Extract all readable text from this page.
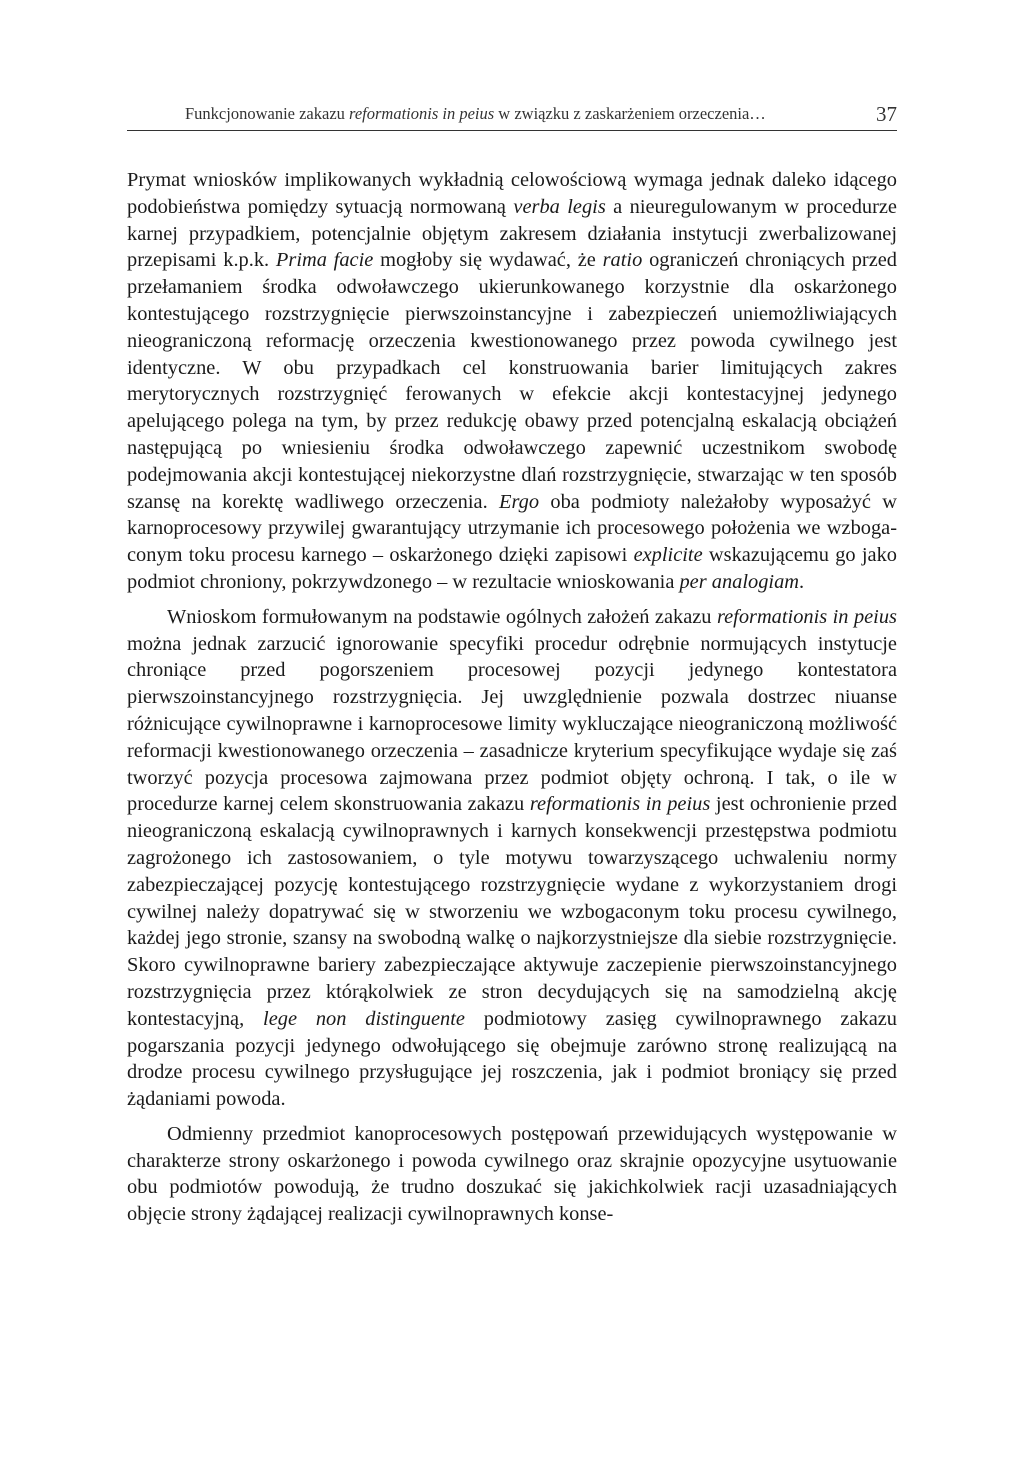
Funkcjonowanie zakazu reformationis in peius w związku z zaskarżeniem orzeczenia…	37

Prymat wniosków implikowanych wykładnią celowościową wymaga jednak daleko idącego podobieństwa pomiędzy sytuacją normowaną verba legis a nieuregulowanym w procedurze karnej przypadkiem, potencjalnie objętym zakresem działania instytucji zwerbalizowanej przepisami k.p.k. Prima facie mogłoby się wydawać, że ratio ograniczeń chroniących przed przełamaniem środka odwoławczego ukierunkowanego korzystnie dla oskarżonego kontestującego rozstrzygnięcie pierwszoinstancyjne i zabezpieczeń uniemożliwiających nieograniczoną reformację orzeczenia kwestionowanego przez powoda cywilnego jest identyczne. W obu przypadkach cel konstruowania barier limitujących zakres merytorycznych rozstrzygnięć ferowanych w efekcie akcji kontestacyjnej jedynego apelującego polega na tym, by przez redukcję obawy przed potencjalną eskalacją obciążeń następującą po wniesieniu środka odwoławczego zapewnić uczestnikom swobodę podejmowania akcji kontestującej niekorzystne dlań rozstrzygnięcie, stwarzając w ten sposób szansę na korektę wadliwego orzeczenia. Ergo oba podmioty należałoby wyposażyć w karnoprocesowy przywilej gwarantujący utrzymanie ich procesowego położenia we wzbogaconym toku procesu karnego – oskarżonego dzięki zapisowi explicite wskazującemu go jako podmiot chroniony, pokrzywdzonego – w rezultacie wnioskowania per analogiam.

Wnioskom formułowanym na podstawie ogólnych założeń zakazu reformationis in peius można jednak zarzucić ignorowanie specyfiki procedur odrębnie normujących instytucje chroniące przed pogorszeniem procesowej pozycji jedynego kontestatora pierwszoinstancyjnego rozstrzygnięcia. Jej uwzględnienie pozwala dostrzec niuanse różnicujące cywilnoprawne i karnoprocesowe limity wykluczające nieograniczoną możliwość reformacji kwestionowanego orzeczenia – zasadnicze kryterium specyfikujące wydaje się zaś tworzyć pozycja procesowa zajmowana przez podmiot objęty ochroną. I tak, o ile w procedurze karnej celem skonstruowania zakazu reformationis in peius jest ochronienie przed nieograniczoną eskalacją cywilnoprawnych i karnych konsekwencji przestępstwa podmiotu zagrożonego ich zastosowaniem, o tyle motywu towarzyszącego uchwaleniu normy zabezpieczającej pozycję kontestującego rozstrzygnięcie wydane z wykorzystaniem drogi cywilnej należy dopatrywać się w stworzeniu we wzbogaconym toku procesu cywilnego, każdej jego stronie, szansy na swobodną walkę o najkorzystniejsze dla siebie rozstrzygnięcie. Skoro cywilnoprawne bariery zabezpieczające aktywuje zaczepienie pierwszoinstancyjnego rozstrzygnięcia przez którąkolwiek ze stron decydujących się na samodzielną akcję kontestacyjną, lege non distinguente podmiotowy zasięg cywilnoprawnego zakazu pogarszania pozycji jedynego odwołującego się obejmuje zarówno stronę realizującą na drodze procesu cywilnego przysługujące jej roszczenia, jak i podmiot broniący się przed żądaniami powoda.

Odmienny przedmiot kanoprocesowych postępowań przewidujących występowanie w charakterze strony oskarżonego i powoda cywilnego oraz skrajnie opozycyjne usytuowanie obu podmiotów powodują, że trudno doszukać się jakichkolwiek racji uzasadniających objęcie strony żądającej realizacji cywilnoprawnych konse-
